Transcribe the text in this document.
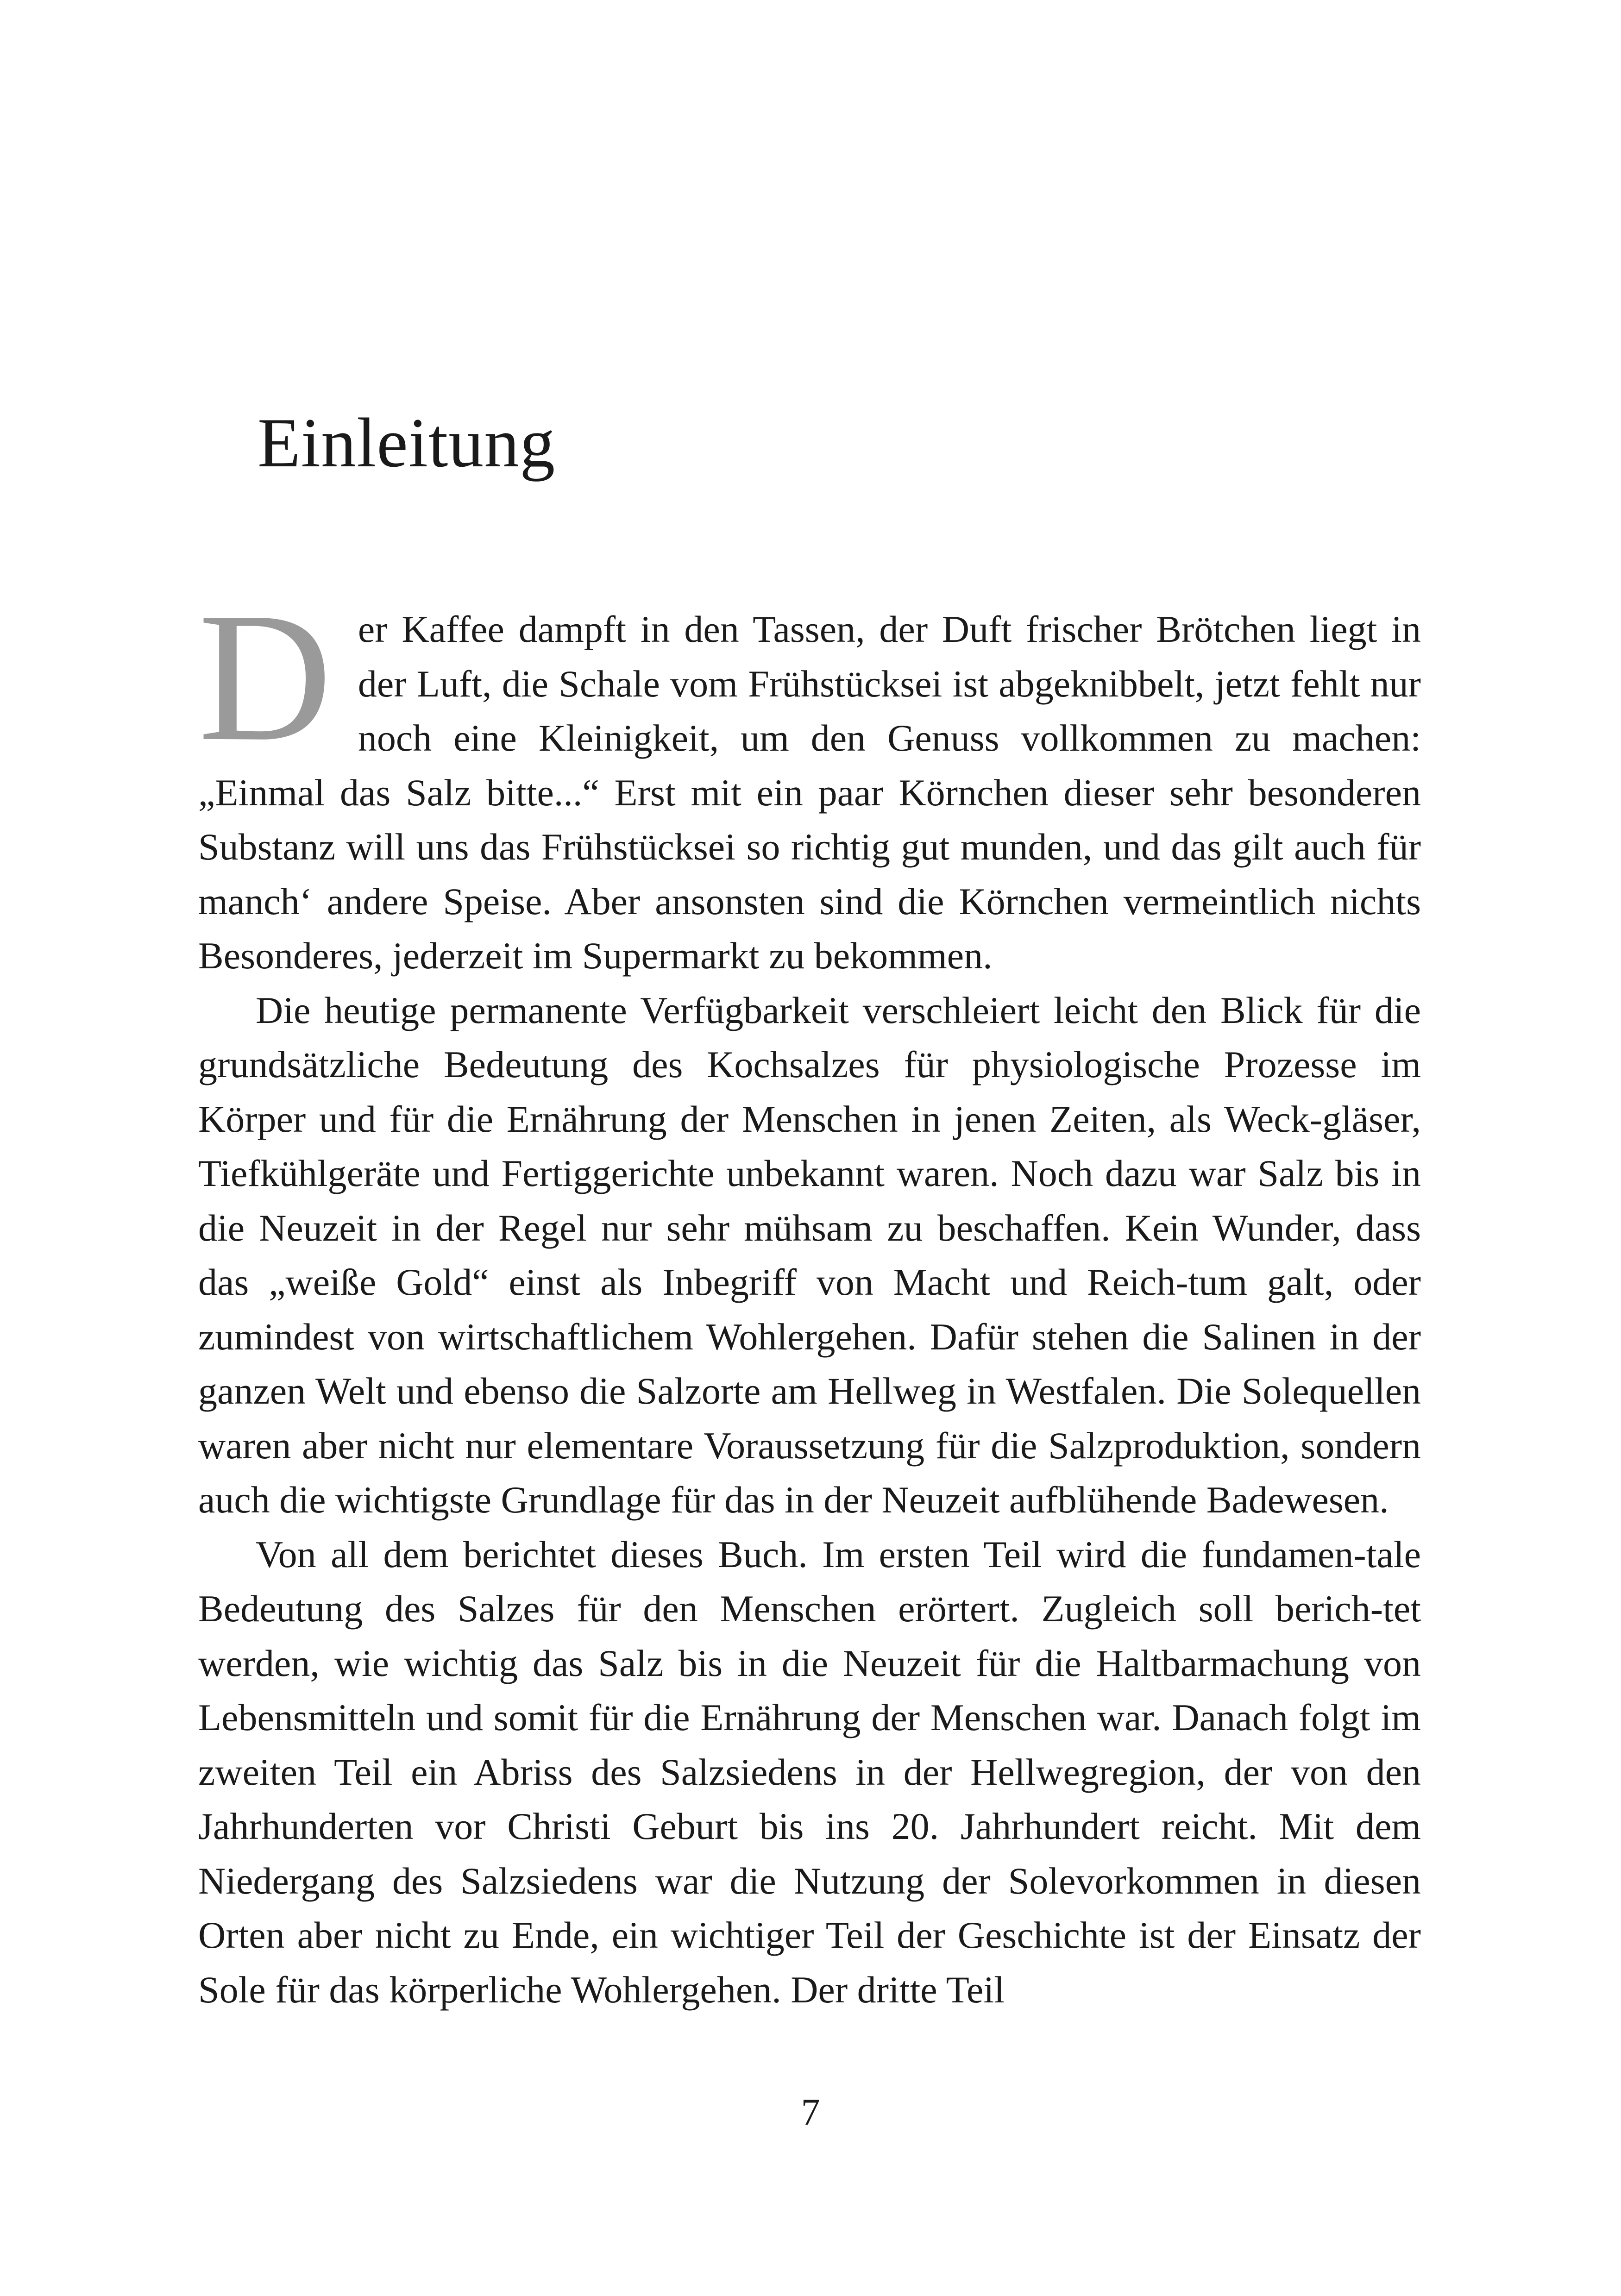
Einleitung

Der Kaffee dampft in den Tassen, der Duft frischer Brötchen liegt in der Luft, die Schale vom Frühstücksei ist abgeknibbelt, jetzt fehlt nur noch eine Kleinigkeit, um den Genuss vollkommen zu machen: „Einmal das Salz bitte...“ Erst mit ein paar Körnchen dieser sehr besonderen Substanz will uns das Frühstücksei so richtig gut munden, und das gilt auch für manch‘ andere Speise. Aber ansonsten sind die Körnchen vermeintlich nichts Besonderes, jederzeit im Supermarkt zu bekommen.

Die heutige permanente Verfügbarkeit verschleiert leicht den Blick für die grundsätzliche Bedeutung des Kochsalzes für physiologische Prozesse im Körper und für die Ernährung der Menschen in jenen Zeiten, als Weck-gläser, Tiefkühlgeräte und Fertiggerichte unbekannt waren. Noch dazu war Salz bis in die Neuzeit in der Regel nur sehr mühsam zu beschaffen. Kein Wunder, dass das „weiße Gold“ einst als Inbegriff von Macht und Reich-tum galt, oder zumindest von wirtschaftlichem Wohlergehen. Dafür stehen die Salinen in der ganzen Welt und ebenso die Salzorte am Hellweg in Westfalen. Die Solequellen waren aber nicht nur elementare Voraussetzung für die Salzproduktion, sondern auch die wichtigste Grundlage für das in der Neuzeit aufblühende Badewesen.

Von all dem berichtet dieses Buch. Im ersten Teil wird die fundamen-tale Bedeutung des Salzes für den Menschen erörtert. Zugleich soll berich-tet werden, wie wichtig das Salz bis in die Neuzeit für die Haltbarmachung von Lebensmitteln und somit für die Ernährung der Menschen war. Danach folgt im zweiten Teil ein Abriss des Salzsiedens in der Hellwegregion, der von den Jahrhunderten vor Christi Geburt bis ins 20. Jahrhundert reicht. Mit dem Niedergang des Salzsiedens war die Nutzung der Solevorkommen in diesen Orten aber nicht zu Ende, ein wichtiger Teil der Geschichte ist der Einsatz der Sole für das körperliche Wohlergehen. Der dritte Teil

7
